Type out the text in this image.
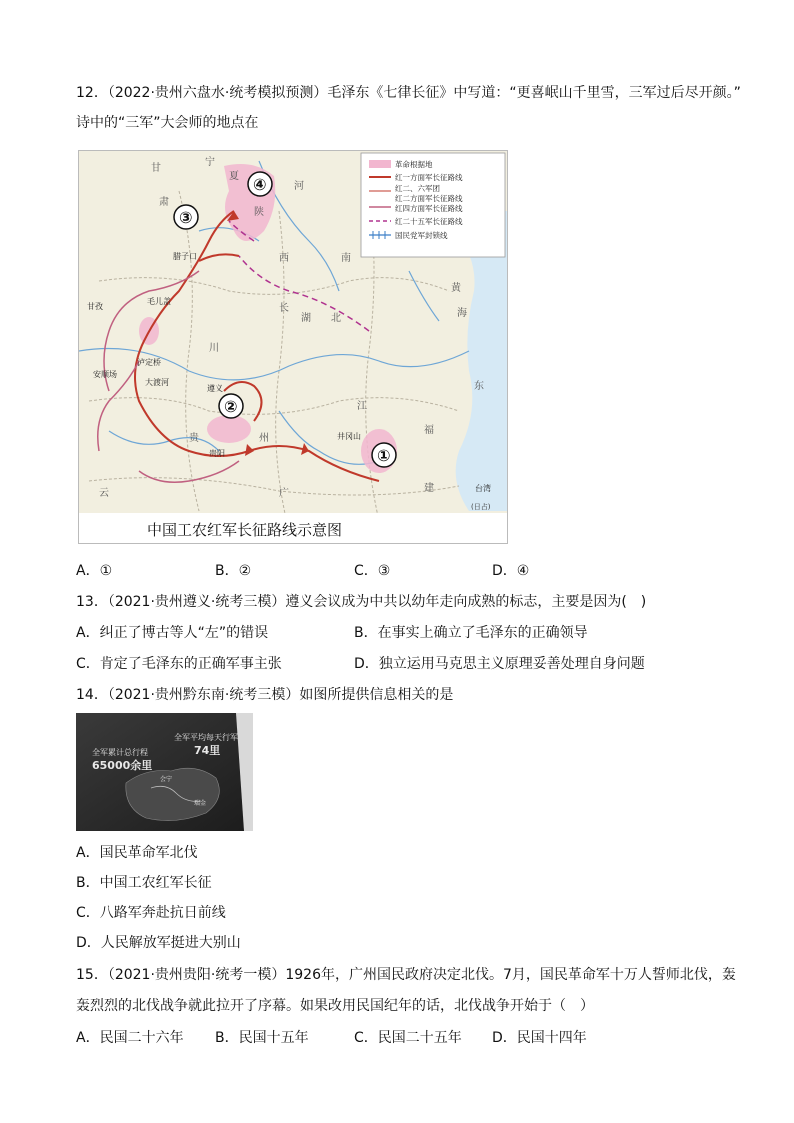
12．（2022·贵州六盘水·统考模拟预测）毛泽东《七律长征》中写道：“更喜岷山千里雪，三军过后尽开颜。”
诗中的“三军”大会师的地点在
革命根据地
红一方面军长征路线
红二、六军团
红二方面军长征路线
红四方面军长征路线
红二十五军长征路线
国民党军封锁线
①
②
③
④
甘孜
腊子口
毛儿盖
泸定桥
安顺场
大渡河
井冈山
遵义
贵阳
台湾
宁
夏
陕
甘
肃
西
川
湖 北
南
江
福
建
黄
海
东
广
云
贵	州
河
长
(日占)
中国工农红军长征路线示意图
A．①	B．②	C．③	D．④
13．（2021·贵州遵义·统考三模）遵义会议成为中共以幼年走向成熟的标志，主要是因为(　)
A．纠正了博古等人“左”的错误	B．在事实上确立了毛泽东的正确领导
C．肯定了毛泽东的正确军事主张	D．独立运用马克思主义原理妥善处理自身问题
14．（2021·贵州黔东南·统考三模）如图所提供信息相关的是
全军累计总行程
65000余里
全军平均每天行军
74里
会宁
瑞金
A．国民革命军北伐
B．中国工农红军长征
C．八路军奔赴抗日前线
D．人民解放军挺进大别山
15．（2021·贵州贵阳·统考一模）1926年，广州国民政府决定北伐。7月，国民革命军十万人誓师北伐，轰
轰烈烈的北伐战争就此拉开了序幕。如果改用民国纪年的话，北伐战争开始于（　）
A．民国二十六年 B．民国十五年	C．民国二十五年 D．民国十四年
